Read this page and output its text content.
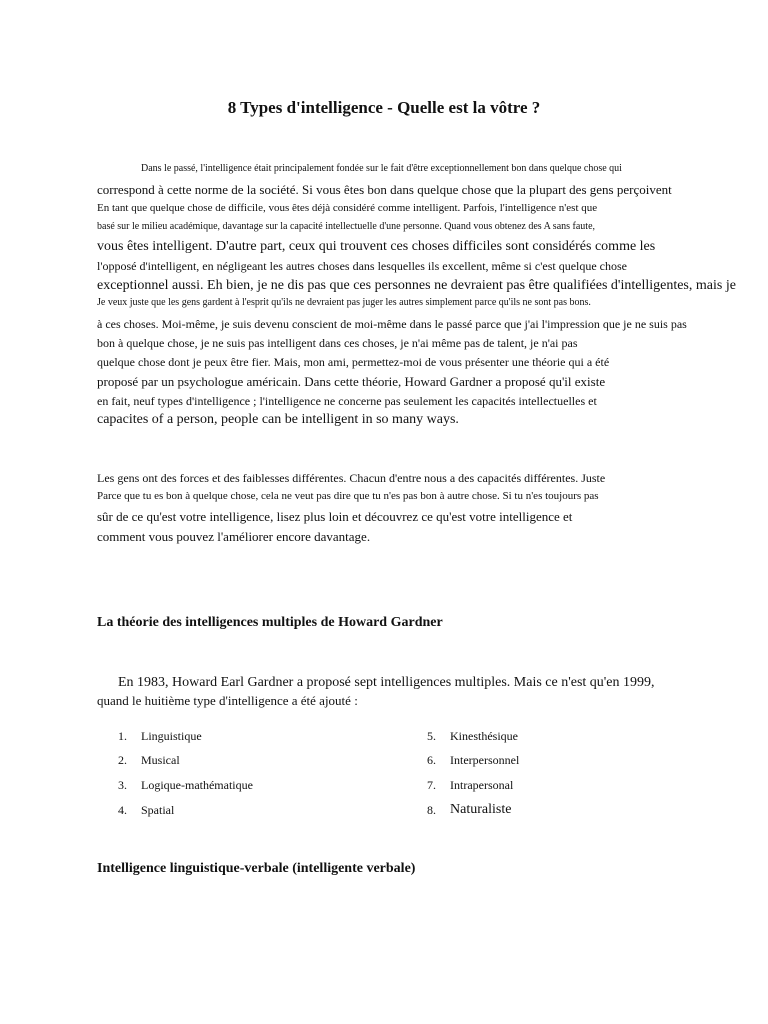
8 Types d'intelligence - Quelle est la vôtre ?
Dans le passé, l'intelligence était principalement fondée sur le fait d'être exceptionnellement bon dans quelque chose qui
correspond à cette norme de la société. Si vous êtes bon dans quelque chose que la plupart des gens perçoivent
En tant que quelque chose de difficile, vous êtes déjà considéré comme intelligent. Parfois, l'intelligence n'est que
basé sur le milieu académique, davantage sur la capacité intellectuelle d'une personne. Quand vous obtenez des A sans faute,
vous êtes intelligent. D'autre part, ceux qui trouvent ces choses difficiles sont considérés comme les
l'opposé d'intelligent, en négligeant les autres choses dans lesquelles ils excellent, même si c'est quelque chose
exceptionnel aussi. Eh bien, je ne dis pas que ces personnes ne devraient pas être qualifiées d'intelligentes, mais je
Je veux juste que les gens gardent à l'esprit qu'ils ne devraient pas juger les autres simplement parce qu'ils ne sont pas bons.
à ces choses. Moi-même, je suis devenu conscient de moi-même dans le passé parce que j'ai l'impression que je ne suis pas
bon à quelque chose, je ne suis pas intelligent dans ces choses, je n'ai même pas de talent, je n'ai pas
quelque chose dont je peux être fier. Mais, mon ami, permettez-moi de vous présenter une théorie qui a été
proposé par un psychologue américain. Dans cette théorie, Howard Gardner a proposé qu'il existe
en fait, neuf types d'intelligence ; l'intelligence ne concerne pas seulement les capacités intellectuelles et
capacites of a person, people can be intelligent in so many ways.
Les gens ont des forces et des faiblesses différentes. Chacun d'entre nous a des capacités différentes. Juste
Parce que tu es bon à quelque chose, cela ne veut pas dire que tu n'es pas bon à autre chose. Si tu n'es toujours pas
sûr de ce qu'est votre intelligence, lisez plus loin et découvrez ce qu'est votre intelligence et
comment vous pouvez l'améliorer encore davantage.
La théorie des intelligences multiples de Howard Gardner
En 1983, Howard Earl Gardner a proposé sept intelligences multiples. Mais ce n'est qu'en 1999,
quand le huitième type d'intelligence a été ajouté :
1. Linguistique
2. Musical
3. Logique-mathématique
4. Spatial
5. Kinesthésique
6. Interpersonnel
7. Intrapersonal
8. Naturaliste
Intelligence linguistique-verbale (intelligente verbale)
